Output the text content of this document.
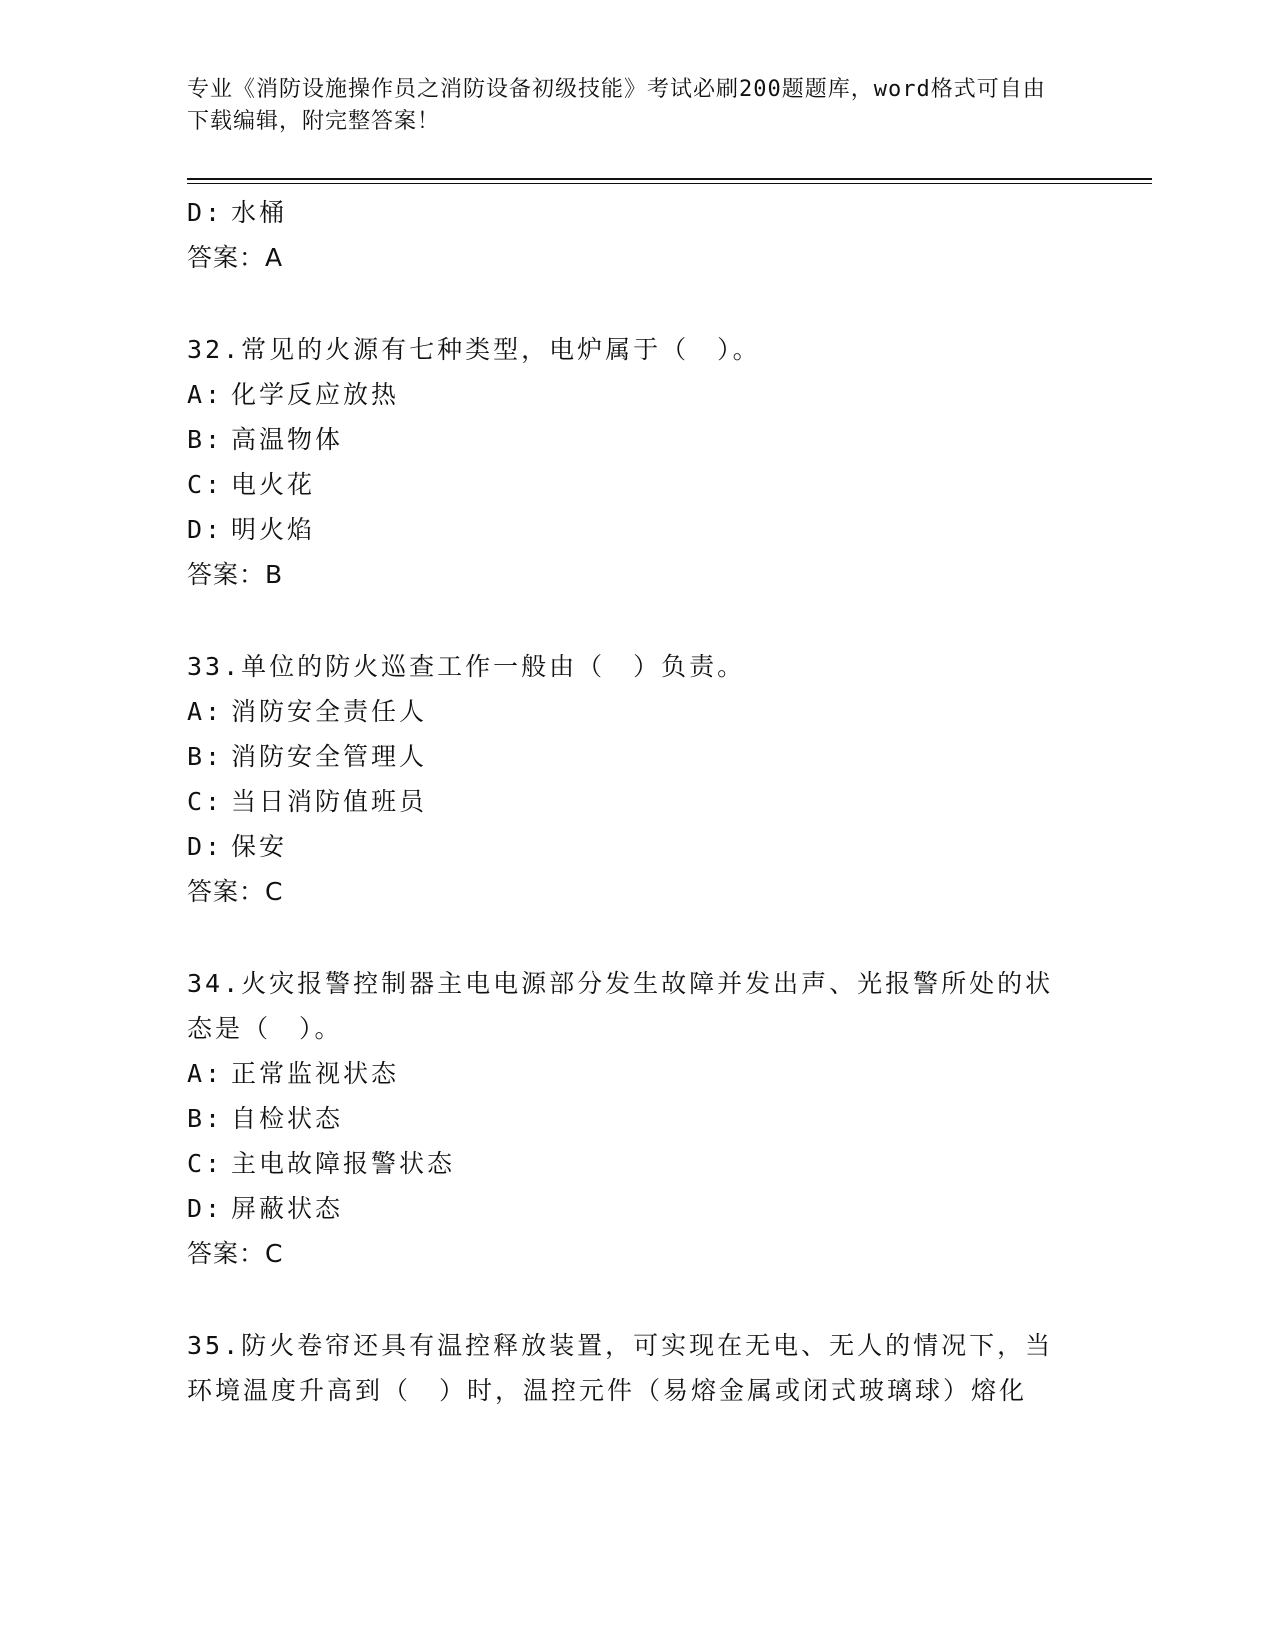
专业《消防设施操作员之消防设备初级技能》考试必刷200题题库，word格式可自由下载编辑，附完整答案！
D: 水桶
答案：A
32.常见的火源有七种类型，电炉属于（　）。
A: 化学反应放热
B: 高温物体
C: 电火花
D: 明火焰
答案：B
33.单位的防火巡查工作一般由（　）负责。
A: 消防安全责任人
B: 消防安全管理人
C: 当日消防值班员
D: 保安
答案：C
34.火灾报警控制器主电电源部分发生故障并发出声、光报警所处的状态是（　）。
A: 正常监视状态
B: 自检状态
C: 主电故障报警状态
D: 屏蔽状态
答案：C
35.防火卷帘还具有温控释放装置，可实现在无电、无人的情况下，当环境温度升高到（　）时，温控元件（易熔金属或闭式玻璃球）熔化
